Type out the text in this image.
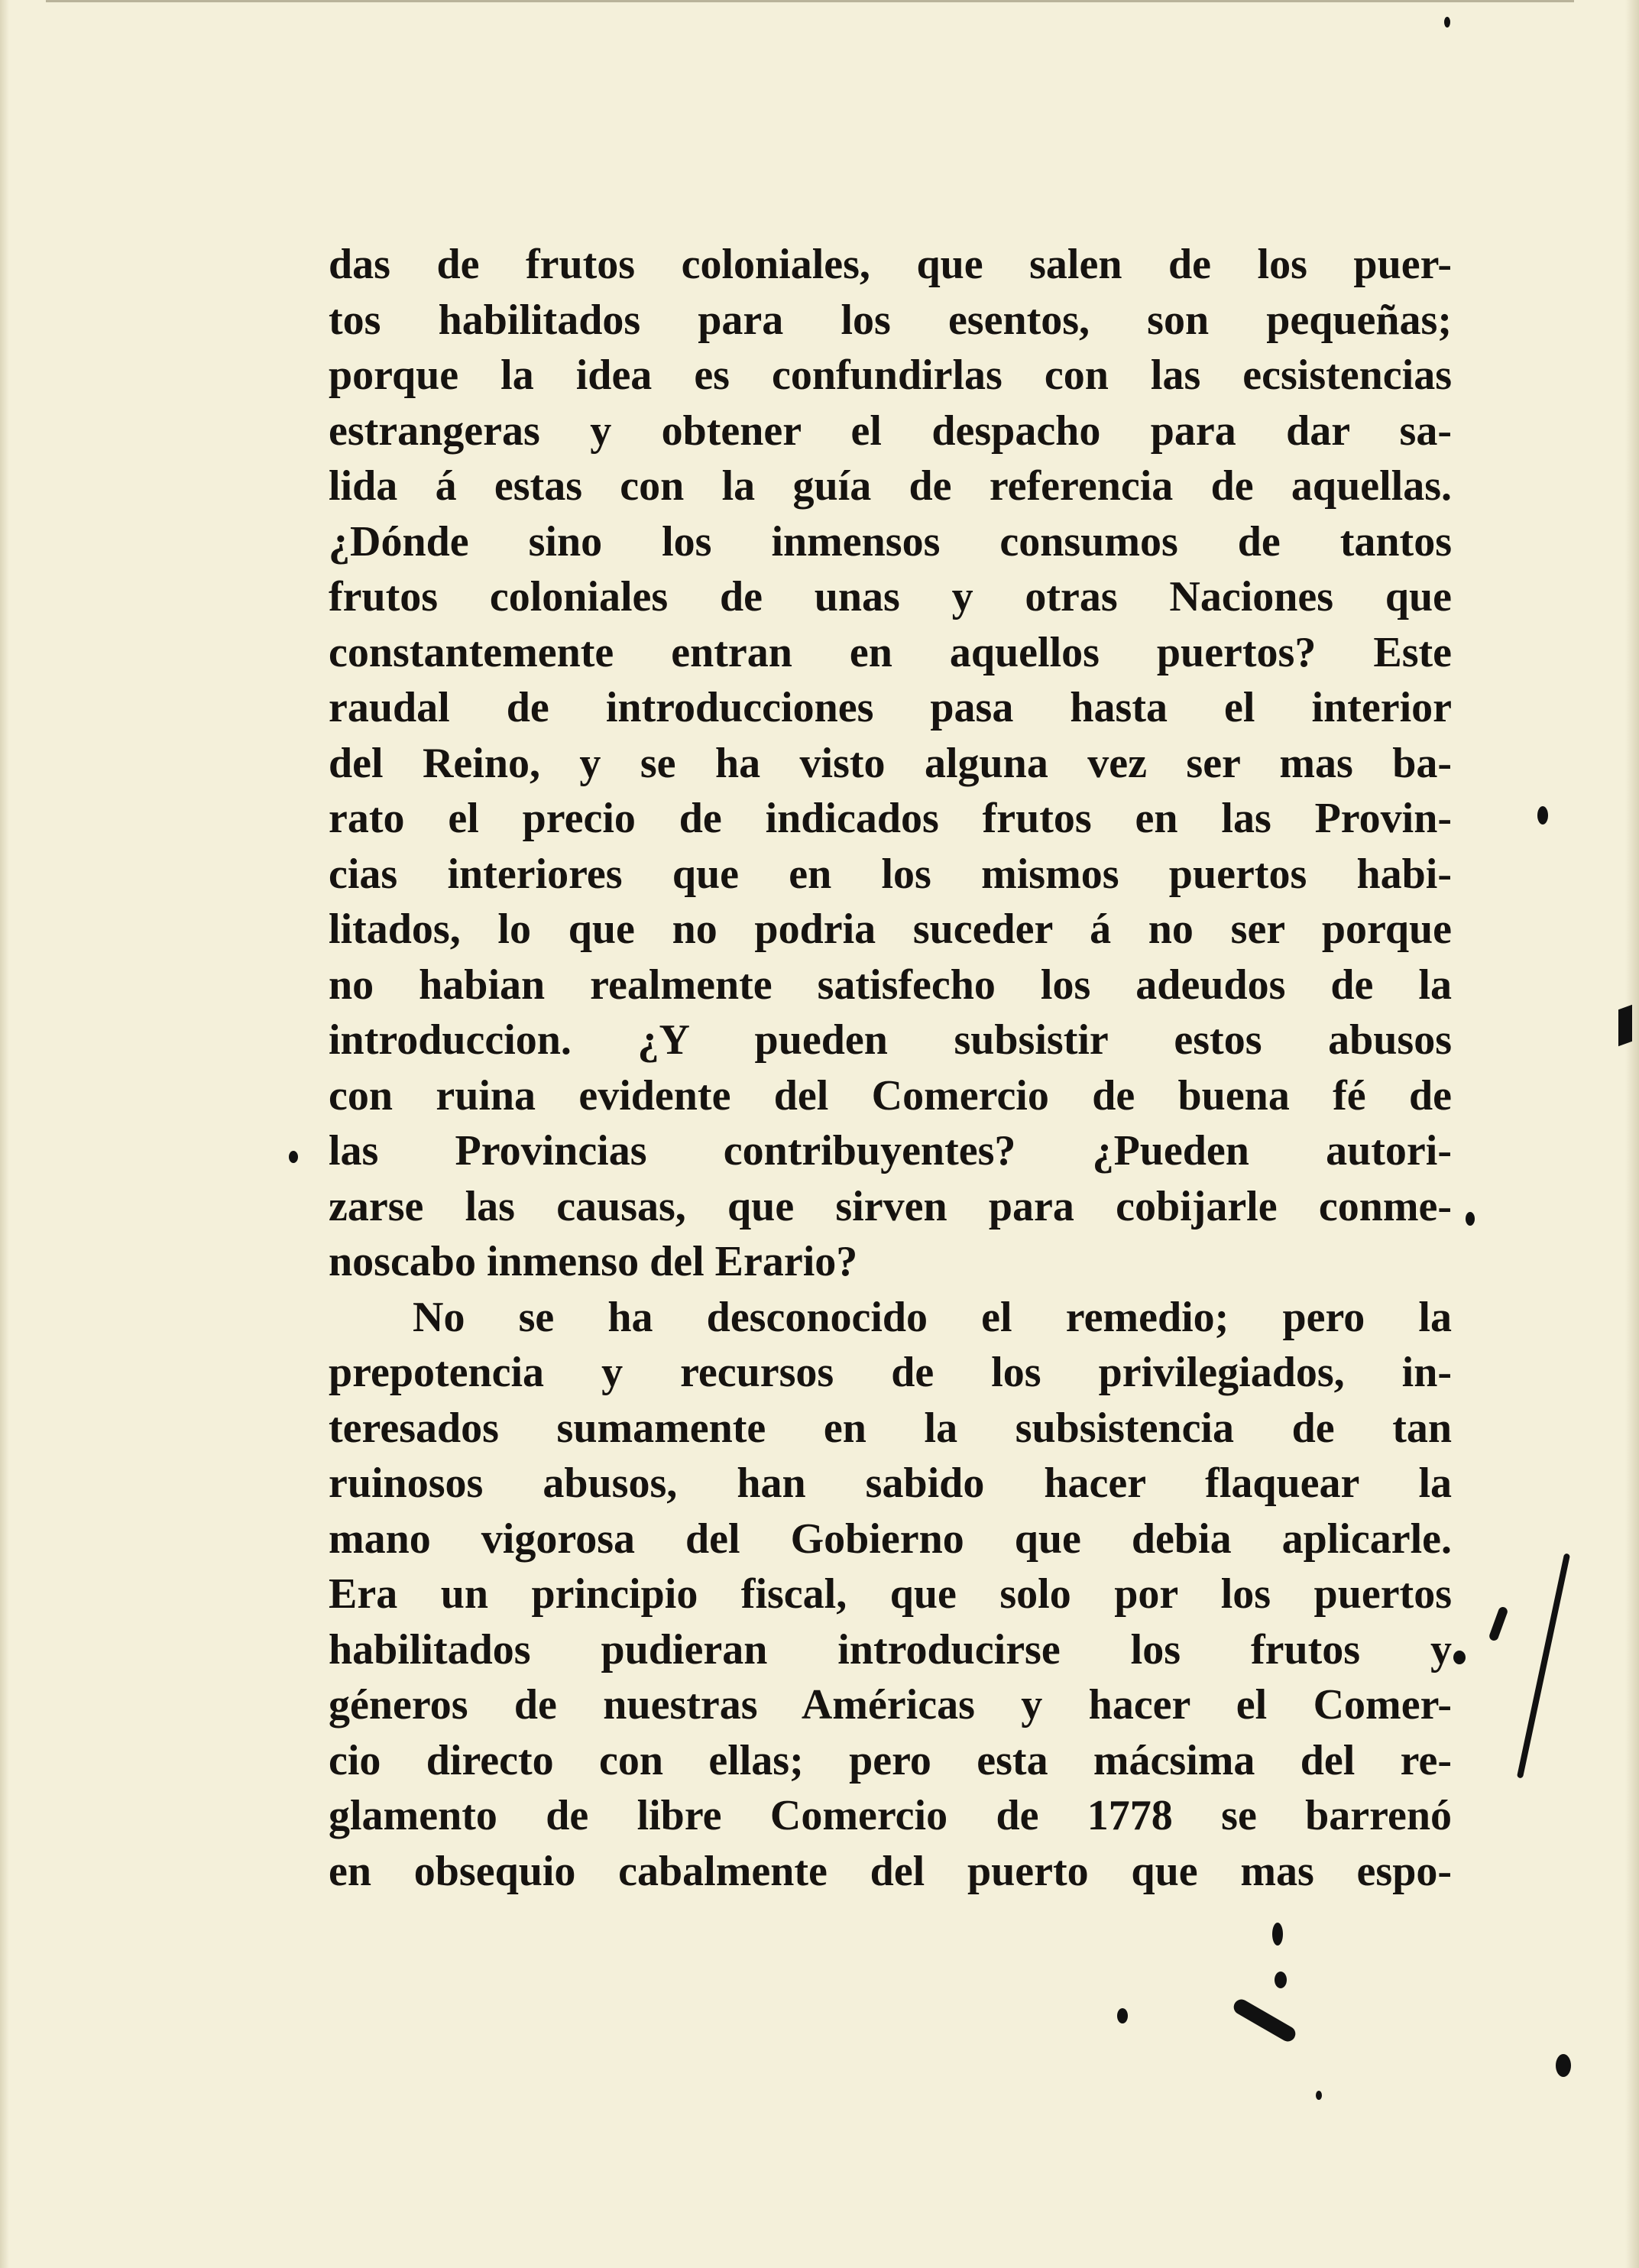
das de frutos coloniales, que salen de los puer-
tos habilitados para los esentos, son pequeñas;
porque la idea es confundirlas con las ecsistencias
estrangeras y obtener el despacho para dar sa-
lida á estas con la guía de referencia de aquellas.
¿Dónde sino los inmensos consumos de tantos
frutos coloniales de unas y otras Naciones que
constantemente entran en aquellos puertos? Este
raudal de introducciones pasa hasta el interior
del Reino, y se ha visto alguna vez ser mas ba-
rato el precio de indicados frutos en las Provin-
cias interiores que en los mismos puertos habi-
litados, lo que no podria suceder á no ser porque
no habian realmente satisfecho los adeudos de la
introduccion. ¿Y pueden subsistir estos abusos
con ruina evidente del Comercio de buena fé de
las Provincias contribuyentes? ¿Pueden autori-
zarse las causas, que sirven para cobijarle conme-
noscabo inmenso del Erario?
No se ha desconocido el remedio; pero la
prepotencia y recursos de los privilegiados, in-
teresados sumamente en la subsistencia de tan
ruinosos abusos, han sabido hacer flaquear la
mano vigorosa del Gobierno que debia aplicarle.
Era un principio fiscal, que solo por los puertos
habilitados pudieran introducirse los frutos y
géneros de nuestras Américas y hacer el Comer-
cio directo con ellas; pero esta mácsima del re-
glamento de libre Comercio de 1778 se barrenó
en obsequio cabalmente del puerto que mas espo-
